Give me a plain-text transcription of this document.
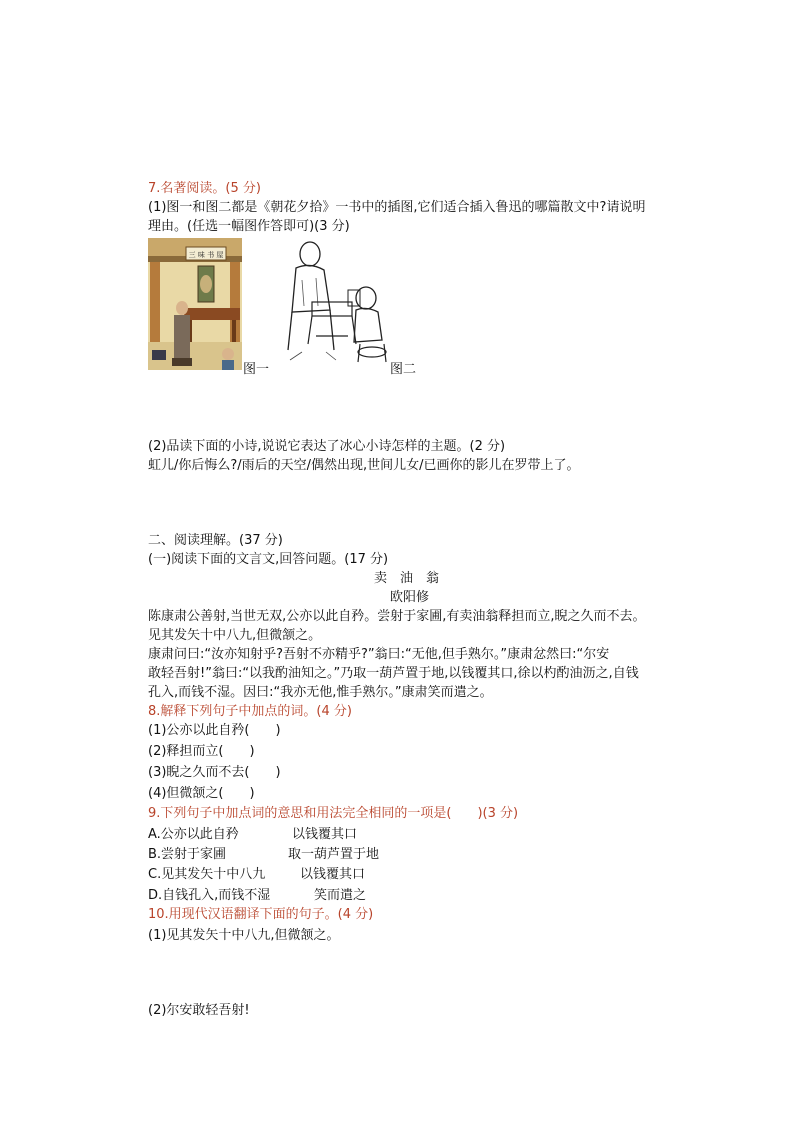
7.名著阅读。(5 分)
(1)图一和图二都是《朝花夕拾》一书中的插图,它们适合插入鲁迅的哪篇散文中?请说明
理由。(任选一幅图作答即可)(3 分)
三 味 书 屋
图一	图二
(2)品读下面的小诗,说说它表达了冰心小诗怎样的主题。(2 分)
虹儿/你后悔么?/雨后的天空/偶然出现,世间儿女/已画你的影儿在罗带上了。
二、阅读理解。(37 分)
(一)阅读下面的文言文,回答问题。(17 分)
卖　油　翁
欧阳修
陈康肃公善射,当世无双,公亦以此自矜。尝射于家圃,有卖油翁释担而立,睨之久而不去。
见其发矢十中八九,但微颔之。
康肃问曰:“汝亦知射乎?吾射不亦精乎?”翁曰:“无他,但手熟尔。”康肃忿然曰:“尔安
敢轻吾射!”翁曰:“以我酌油知之。”乃取一葫芦置于地,以钱覆其口,徐以杓酌油沥之,自钱
孔入,而钱不湿。因曰:“我亦无他,惟手熟尔。”康肃笑而遣之。
8.解释下列句子中加点的词。(4 分)
(1)公亦以此自矜(　　)
(2)释担而立(　　)
(3)睨之久而不去(　　)
(4)但微颔之(　　)
9.下列句子中加点词的意思和用法完全相同的一项是(　　)(3 分)
A.公亦以此自矜	以钱覆其口
B.尝射于家圃	取一葫芦置于地
C.见其发矢十中八九	以钱覆其口
D.自钱孔入,而钱不湿	笑而遣之
10.用现代汉语翻译下面的句子。(4 分)
(1)见其发矢十中八九,但微颔之。
(2)尔安敢轻吾射!
